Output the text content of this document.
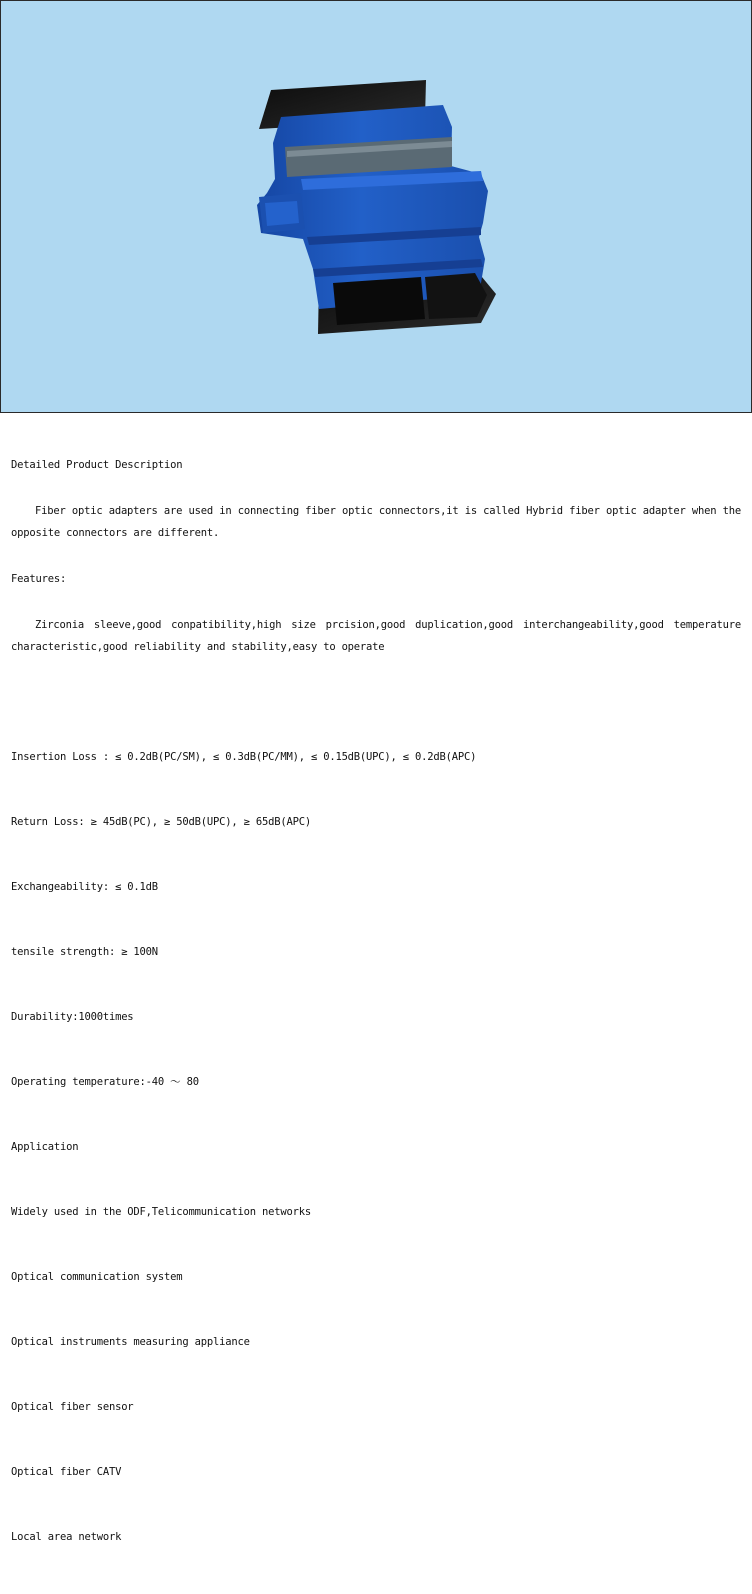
Detailed Product Description

Fiber optic adapters are used in connecting fiber optic connectors,it is called Hybrid fiber optic adapter when the opposite connectors are different.

Features:

Zirconia sleeve,good conpatibility,high size prcision,good duplication,good interchangeability,good temperature characteristic,good reliability and stability,easy to operate

Insertion Loss : ≤ 0.2dB(PC/SM), ≤ 0.3dB(PC/MM), ≤ 0.15dB(UPC), ≤ 0.2dB(APC)

Return Loss: ≥ 45dB(PC), ≥ 50dB(UPC), ≥ 65dB(APC)

Exchangeability: ≤ 0.1dB

tensile strength: ≥ 100N

Durability:1000times

Operating temperature:-40 ～ 80

Application

Widely used in the ODF,Telicommunication networks

Optical communication system

Optical instruments measuring appliance

Optical fiber sensor

Optical fiber CATV

Local area network
